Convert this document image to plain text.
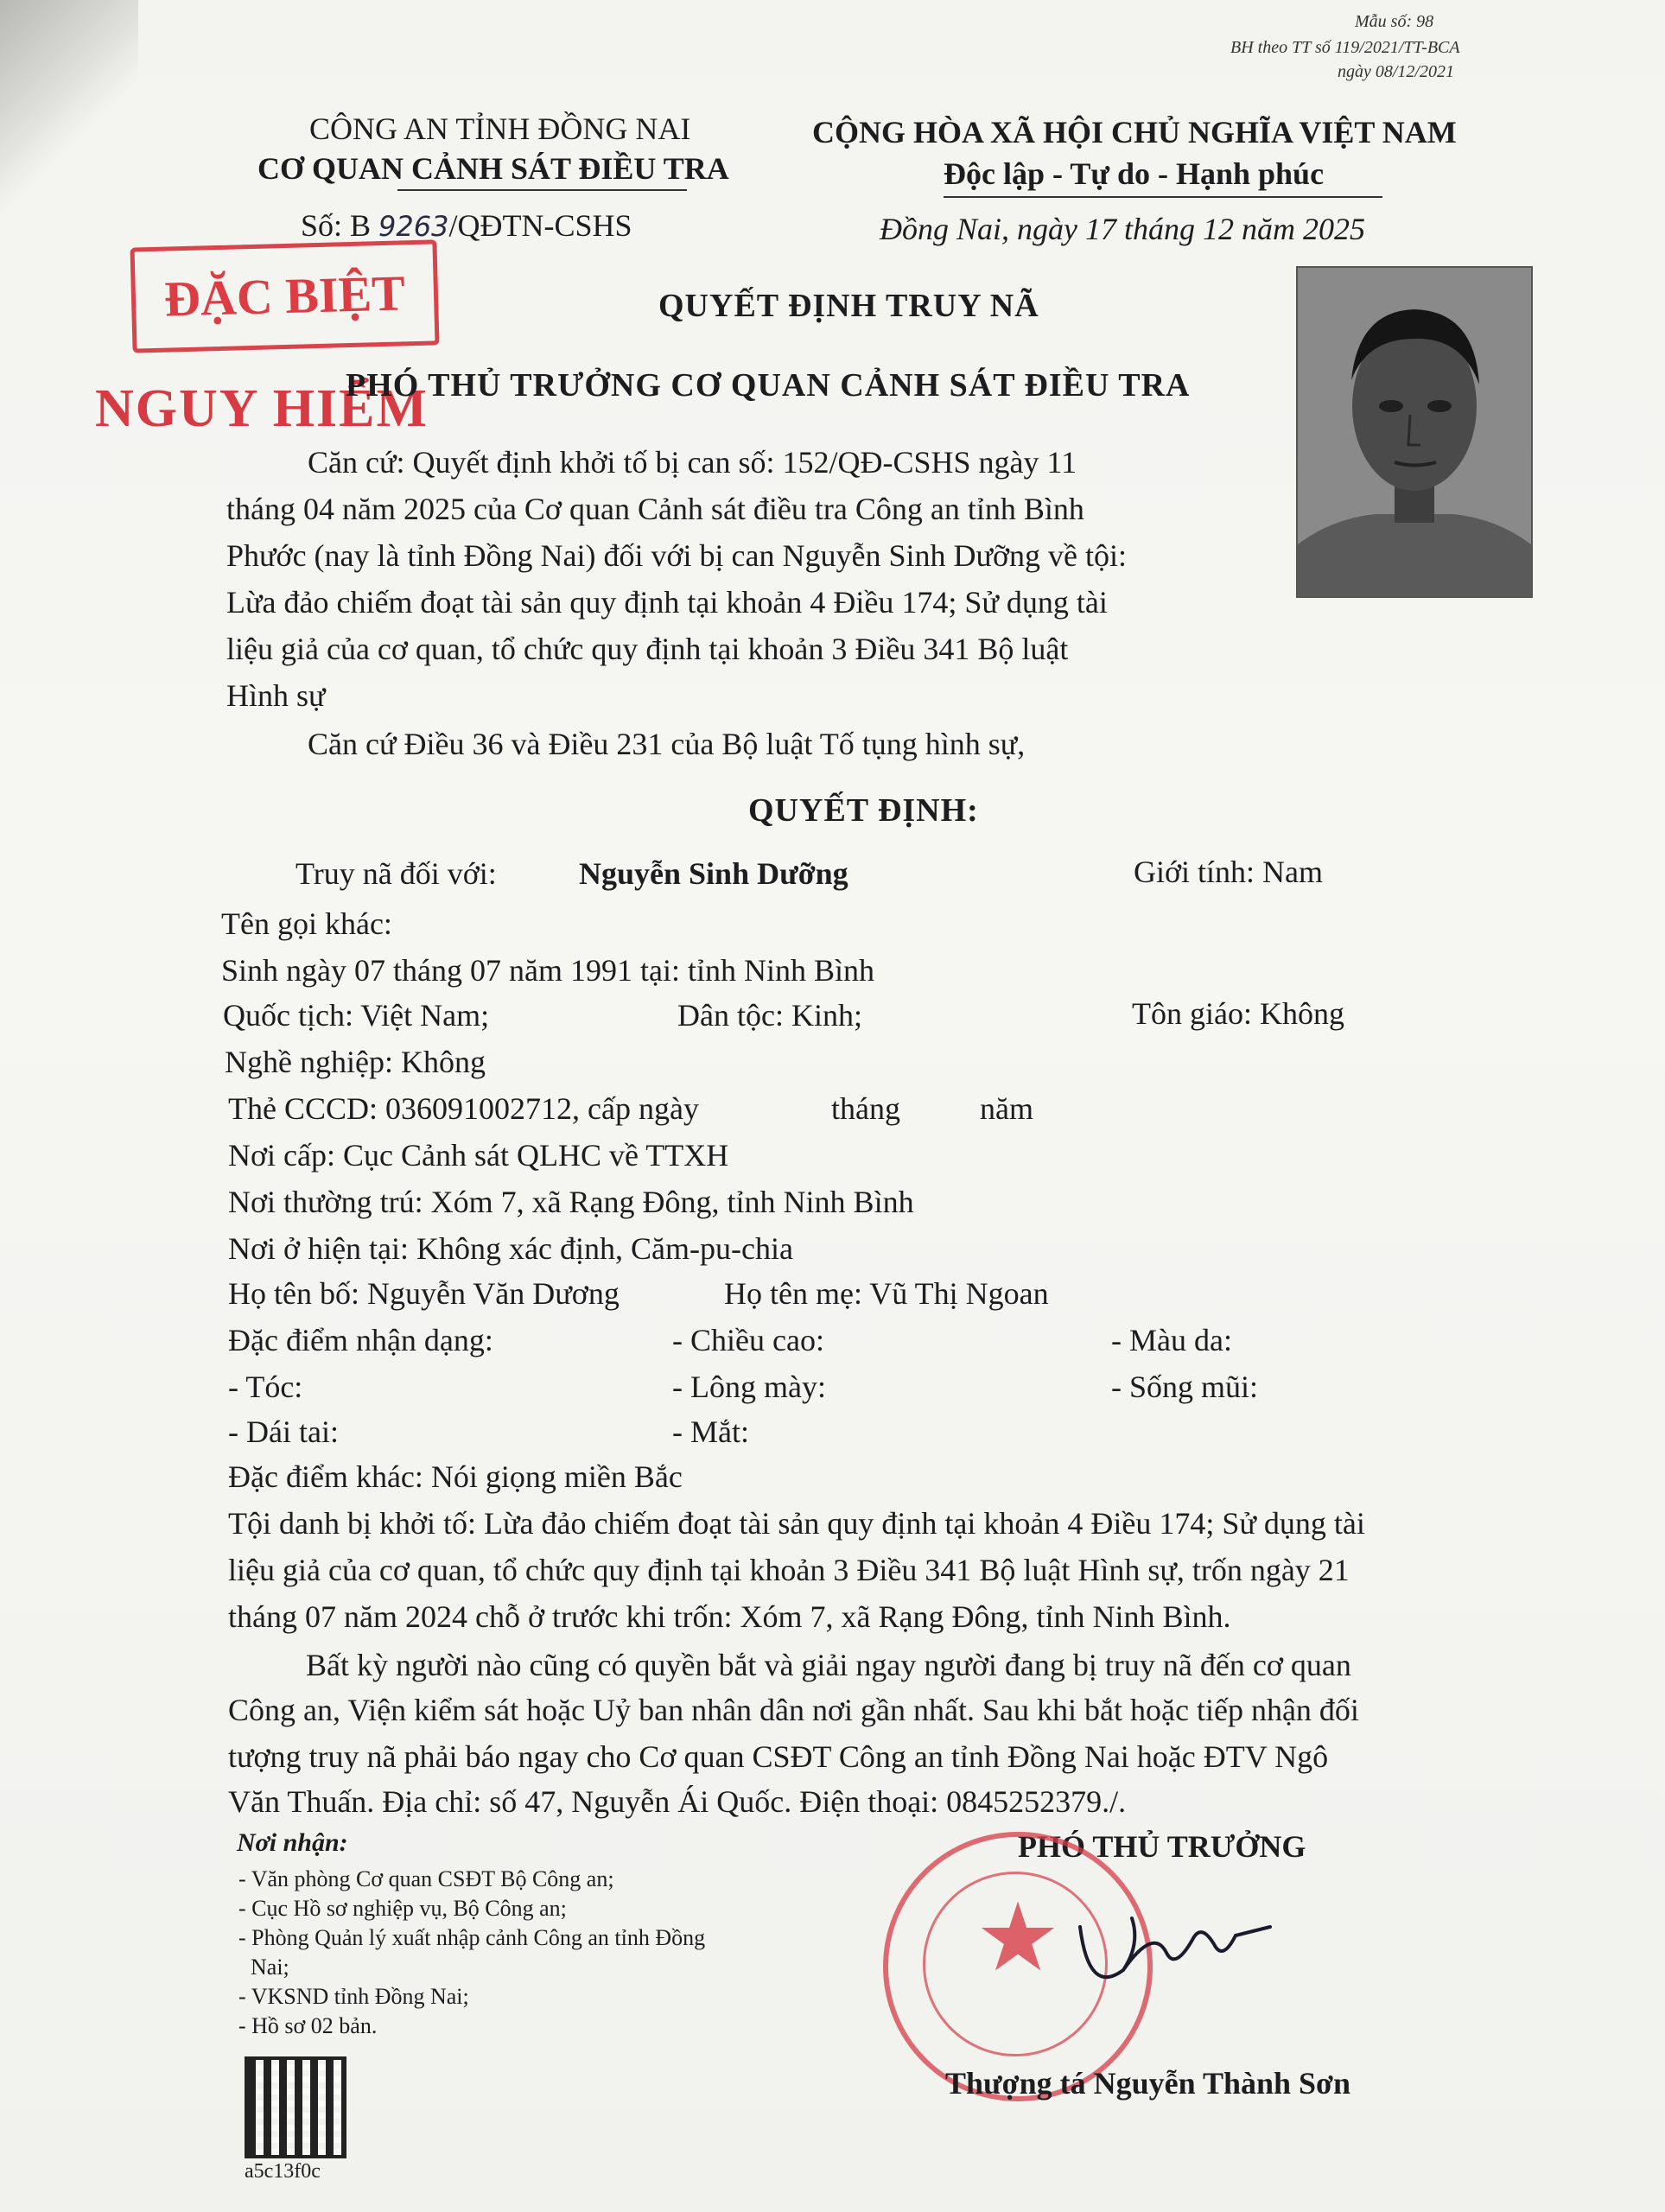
Mẫu số: 98
BH theo TT số 119/2021/TT-BCA
ngày 08/12/2021
CÔNG AN TỈNH ĐỒNG NAI
CƠ QUAN CẢNH SÁT ĐIỀU TRA
Số: B 9263/QĐTN-CSHS
CỘNG HÒA XÃ HỘI CHỦ NGHĨA VIỆT NAM
Độc lập - Tự do - Hạnh phúc
Đồng Nai, ngày 17 tháng 12 năm 2025
ĐẶC BIỆT
NGUY HIỂM
QUYẾT ĐỊNH TRUY NÃ
PHÓ THỦ TRƯỞNG CƠ QUAN CẢNH SÁT ĐIỀU TRA
Căn cứ: Quyết định khởi tố bị can số: 152/QĐ-CSHS ngày 11
tháng 04 năm 2025 của Cơ quan Cảnh sát điều tra Công an tỉnh Bình
Phước (nay là tỉnh Đồng Nai) đối với bị can Nguyễn Sinh Dưỡng về tội:
Lừa đảo chiếm đoạt tài sản quy định tại khoản 4 Điều 174; Sử dụng tài
liệu giả của cơ quan, tổ chức quy định tại khoản 3 Điều 341 Bộ luật
Hình sự
Căn cứ Điều 36 và Điều 231 của Bộ luật Tố tụng hình sự,
QUYẾT ĐỊNH:
Truy nã đối với:	Nguyễn Sinh Dưỡng	Giới tính: Nam
Tên gọi khác:
Sinh ngày 07 tháng 07 năm 1991 tại: tỉnh Ninh Bình
Quốc tịch: Việt Nam;	Dân tộc: Kinh;	Tôn giáo: Không
Nghề nghiệp: Không
Thẻ CCCD: 036091002712, cấp ngày	tháng	năm
Nơi cấp: Cục Cảnh sát QLHC về TTXH
Nơi thường trú: Xóm 7, xã Rạng Đông, tỉnh Ninh Bình
Nơi ở hiện tại: Không xác định, Căm-pu-chia
Họ tên bố: Nguyễn Văn Dương	Họ tên mẹ: Vũ Thị Ngoan
Đặc điểm nhận dạng:	- Chiều cao:	- Màu da:
- Tóc:	- Lông mày:	- Sống mũi:
- Dái tai:	- Mắt:
Đặc điểm khác: Nói giọng miền Bắc
Tội danh bị khởi tố: Lừa đảo chiếm đoạt tài sản quy định tại khoản 4 Điều 174; Sử dụng tài
liệu giả của cơ quan, tổ chức quy định tại khoản 3 Điều 341 Bộ luật Hình sự, trốn ngày 21
tháng 07 năm 2024 chỗ ở trước khi trốn: Xóm 7, xã Rạng Đông, tỉnh Ninh Bình.
Bất kỳ người nào cũng có quyền bắt và giải ngay người đang bị truy nã đến cơ quan
Công an, Viện kiểm sát hoặc Uỷ ban nhân dân nơi gần nhất. Sau khi bắt hoặc tiếp nhận đối
tượng truy nã phải báo ngay cho Cơ quan CSĐT Công an tỉnh Đồng Nai hoặc ĐTV Ngô
Văn Thuấn. Địa chỉ: số 47, Nguyễn Ái Quốc. Điện thoại: 0845252379./.
Nơi nhận:
- Văn phòng Cơ quan CSĐT Bộ Công an;
- Cục Hồ sơ nghiệp vụ, Bộ Công an;
- Phòng Quản lý xuất nhập cảnh Công an tỉnh Đồng
Nai;
- VKSND tỉnh Đồng Nai;
- Hồ sơ 02 bản.
PHÓ THỦ TRƯỞNG
★
Thượng tá Nguyễn Thành Sơn
a5c13f0c
